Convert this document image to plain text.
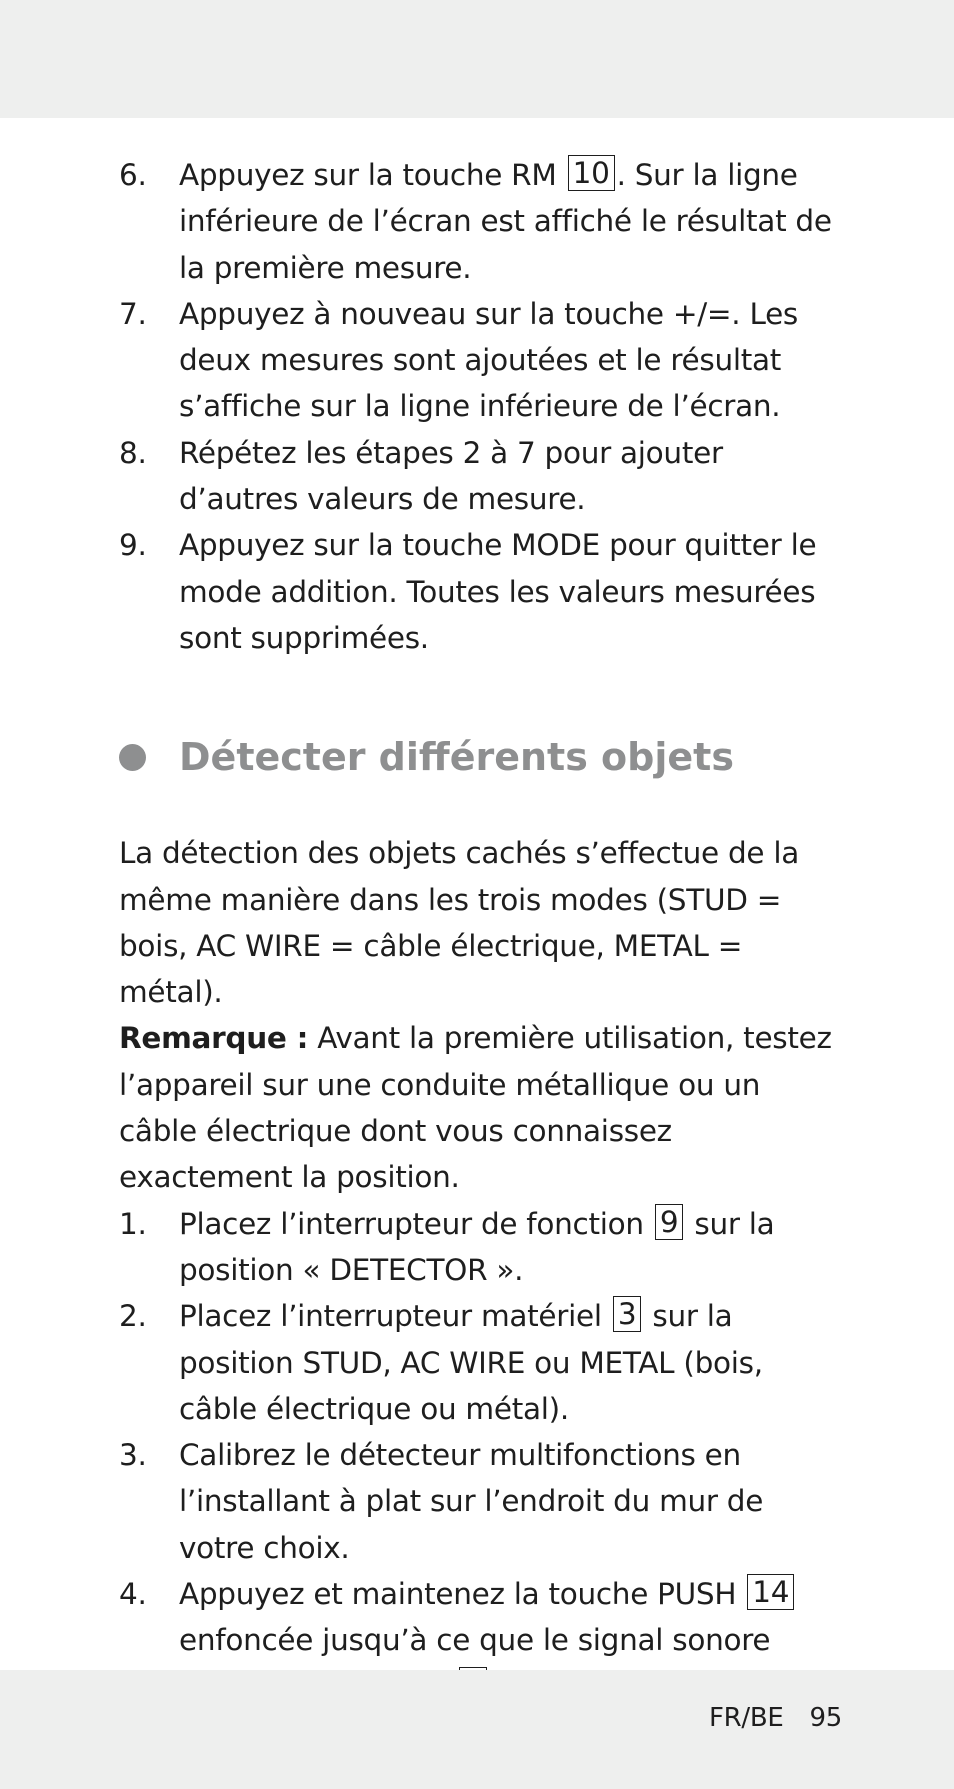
6. Appuyez sur la touche RM 10 . Sur la ligne inférieure de l’écran est affiché le résultat de la première mesure.
7. Appuyez à nouveau sur la touche +/=. Les deux mesures sont ajoutées et le résultat s’affiche sur la ligne inférieure de l’écran.
8. Répétez les étapes 2 à 7 pour ajouter d’autres valeurs de mesure.
9. Appuyez sur la touche MODE pour quitter le mode addition. Toutes les valeurs mesurées sont supprimées.
Détecter différents objets
La détection des objets cachés s’effectue de la même manière dans les trois modes (STUD = bois, AC WIRE = câble électrique, METAL = métal).
Remarque : Avant la première utilisation, testez l’appareil sur une conduite métallique ou un câble électrique dont vous connaissez exactement la position.
1. Placez l’interrupteur de fonction 9 sur la position « DETECTOR ».
2. Placez l’interrupteur matériel 3 sur la position STUD, AC WIRE ou METAL (bois, câble électrique ou métal).
3. Calibrez le détecteur multifonctions en l’installant à plat sur l’endroit du mur de votre choix.
4. Appuyez et maintenez la touche PUSH 14 enfoncée jusqu’à ce que le signal sonore
FR/BE 95
